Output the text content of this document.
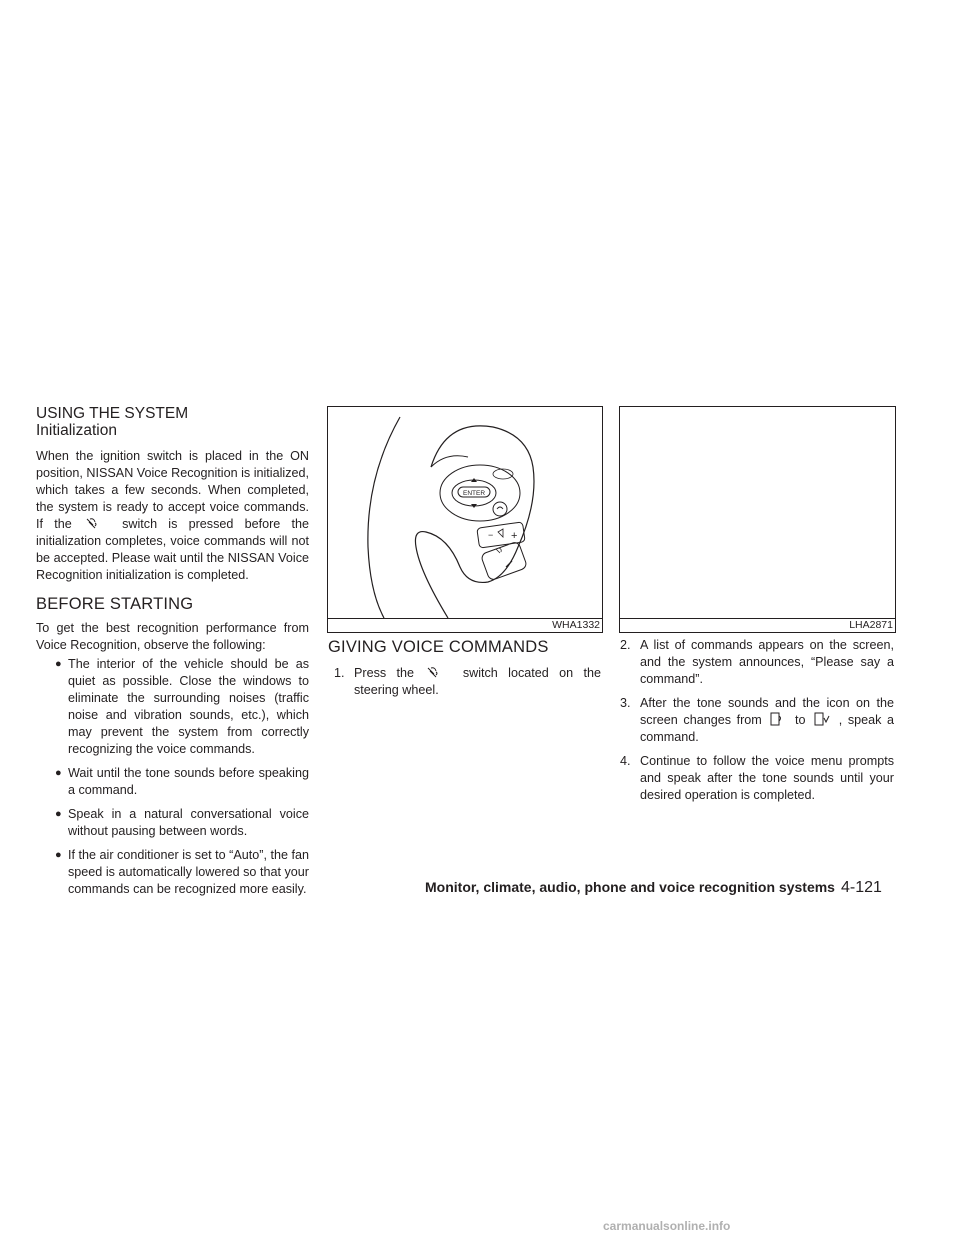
USING THE SYSTEM
Initialization

When the ignition switch is placed in the ON position, NISSAN Voice Recognition is initialized, which takes a few seconds. When completed, the system is ready to accept voice commands. If the	switch is pressed before the initialization completes, voice commands will not be accepted. Please wait until the NISSAN Voice Recognition initialization is completed.

BEFORE STARTING

To get the best recognition performance from Voice Recognition, observe the following:

● The interior of the vehicle should be as quiet as possible. Close the windows to eliminate the surrounding noises (traffic noise and vibration sounds, etc.), which may prevent the system from correctly recognizing the voice commands.
● Wait until the tone sounds before speaking a command.
● Speak in a natural conversational voice without pausing between words.
● If the air conditioner is set to “Auto”, the fan speed is automatically lowered so that your commands can be recognized more easily.
ENTER
− +
WHA1332	LHA2871
GIVING VOICE COMMANDS
1. Press the	switch located on the steering wheel.
2. A list of commands appears on the screen, and the system announces, “Please say a command”.
3. After the tone sounds and the icon on the screen changes from	to	, speak a command.
4. Continue to follow the voice menu prompts and speak after the tone sounds until your desired operation is completed.
Monitor, climate, audio, phone and voice recognition systems 4-121
carmanualsonline.info
